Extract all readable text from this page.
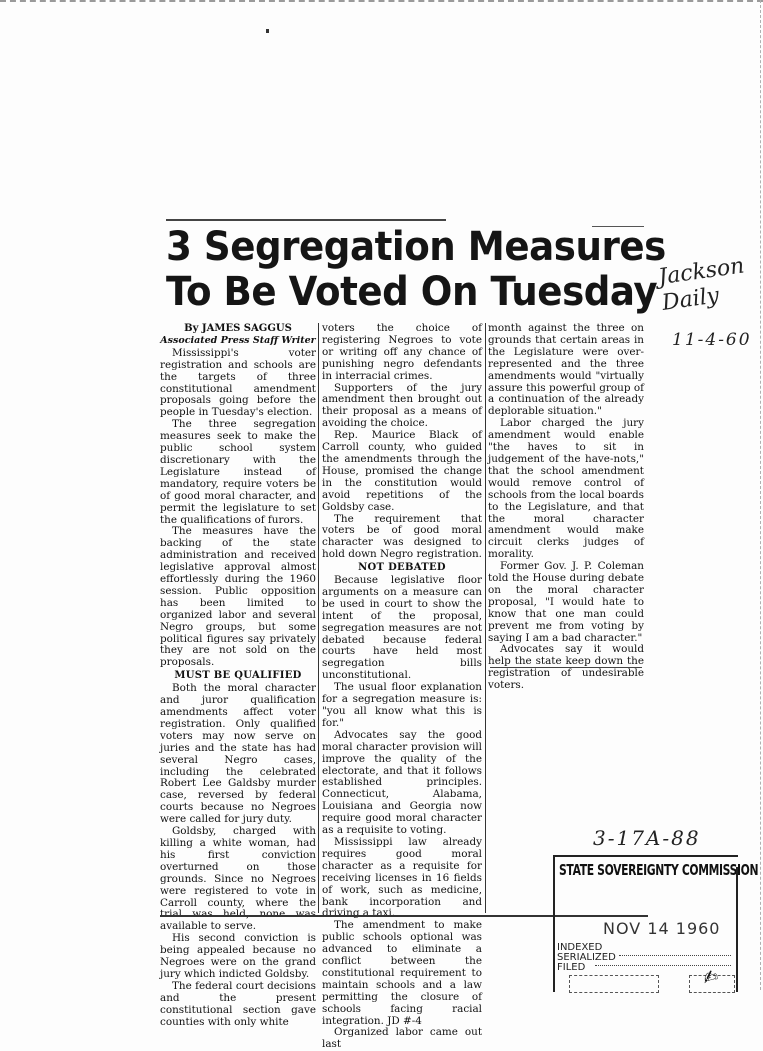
3 Segregation Measures
To Be Voted On Tuesday
By JAMES SAGGUS
Associated Press Staff Writer

Mississippi's voter registration and schools are the targets of three constitutional amendment proposals going before the people in Tuesday's election.

The three segregation measures seek to make the public school system discretionary with the Legislature instead of mandatory, require voters be of good moral character, and permit the legislature to set the qualifications of furors.

The measures have the backing of the state administration and received legislative approval almost effortlessly during the 1960 session. Public opposition has been limited to organized labor and several Negro groups, but some political figures say privately they are not sold on the proposals.

MUST BE QUALIFIED

Both the moral character and juror qualification amendments affect voter registration. Only qualified voters may now serve on juries and the state has had several Negro cases, including the celebrated Robert Lee Galdsby murder case, reversed by federal courts because no Negroes were called for jury duty.

Goldsby, charged with killing a white woman, had his first conviction overturned on those grounds. Since no Negroes were registered to vote in Carroll county, where the trial was held, none was available to serve.

His second conviction is being appealed because no Negroes were on the grand jury which indicted Goldsby.

The federal court decisions and the present constitutional section gave counties with only white

voters the choice of registering Negroes to vote or writing off any chance of punishing negro defendants in interracial crimes.

Supporters of the jury amendment then brought out their proposal as a means of avoiding the choice.

Rep. Maurice Black of Carroll county, who guided the amendments through the House, promised the change in the constitution would avoid repetitions of the Goldsby case.

The requirement that voters be of good moral character was designed to hold down Negro registration.

NOT DEBATED

Because legislative floor arguments on a measure can be used in court to show the intent of the proposal, segregation measures are not debated because federal courts have held most segregation bills unconstitutional.

The usual floor explanation for a segregation measure is: "you all know what this is for."

Advocates say the good moral character provision will improve the quality of the electorate, and that it follows established principles. Connecticut, Alabama, Louisiana and Georgia now require good moral character as a requisite to voting.

Mississippi law already requires good moral character as a requisite for receiving licenses in 16 fields of work, such as medicine, bank incorporation and driving a taxi.

The amendment to make public schools optional was advanced to eliminate a conflict between the constitutional requirement to maintain schools and a law permitting the closure of schools facing racial integration. JD #-4

Organized labor came out last

month against the three on grounds that certain areas in the Legislature were over-represented and the three amendments would "virtually assure this powerful group of a continuation of the already deplorable situation."

Labor charged the jury amendment would enable "the haves to sit in judgement of the have-nots," that the school amendment would remove control of schools from the local boards to the Legislature, and that the moral character amendment would make circuit clerks judges of morality.

Former Gov. J. P. Coleman told the House during debate on the moral character proposal, "I would hate to know that one man could prevent me from voting by saying I am a bad character."

Advocates say it would help the state keep down the registration of undesirable voters.

Jackson Daily
11-4-60
3-17A-88
STATE SOVEREIGNTY COMMISSION
NOV 14 1960
INDEXED
SERIALIZED
FILED	✍
